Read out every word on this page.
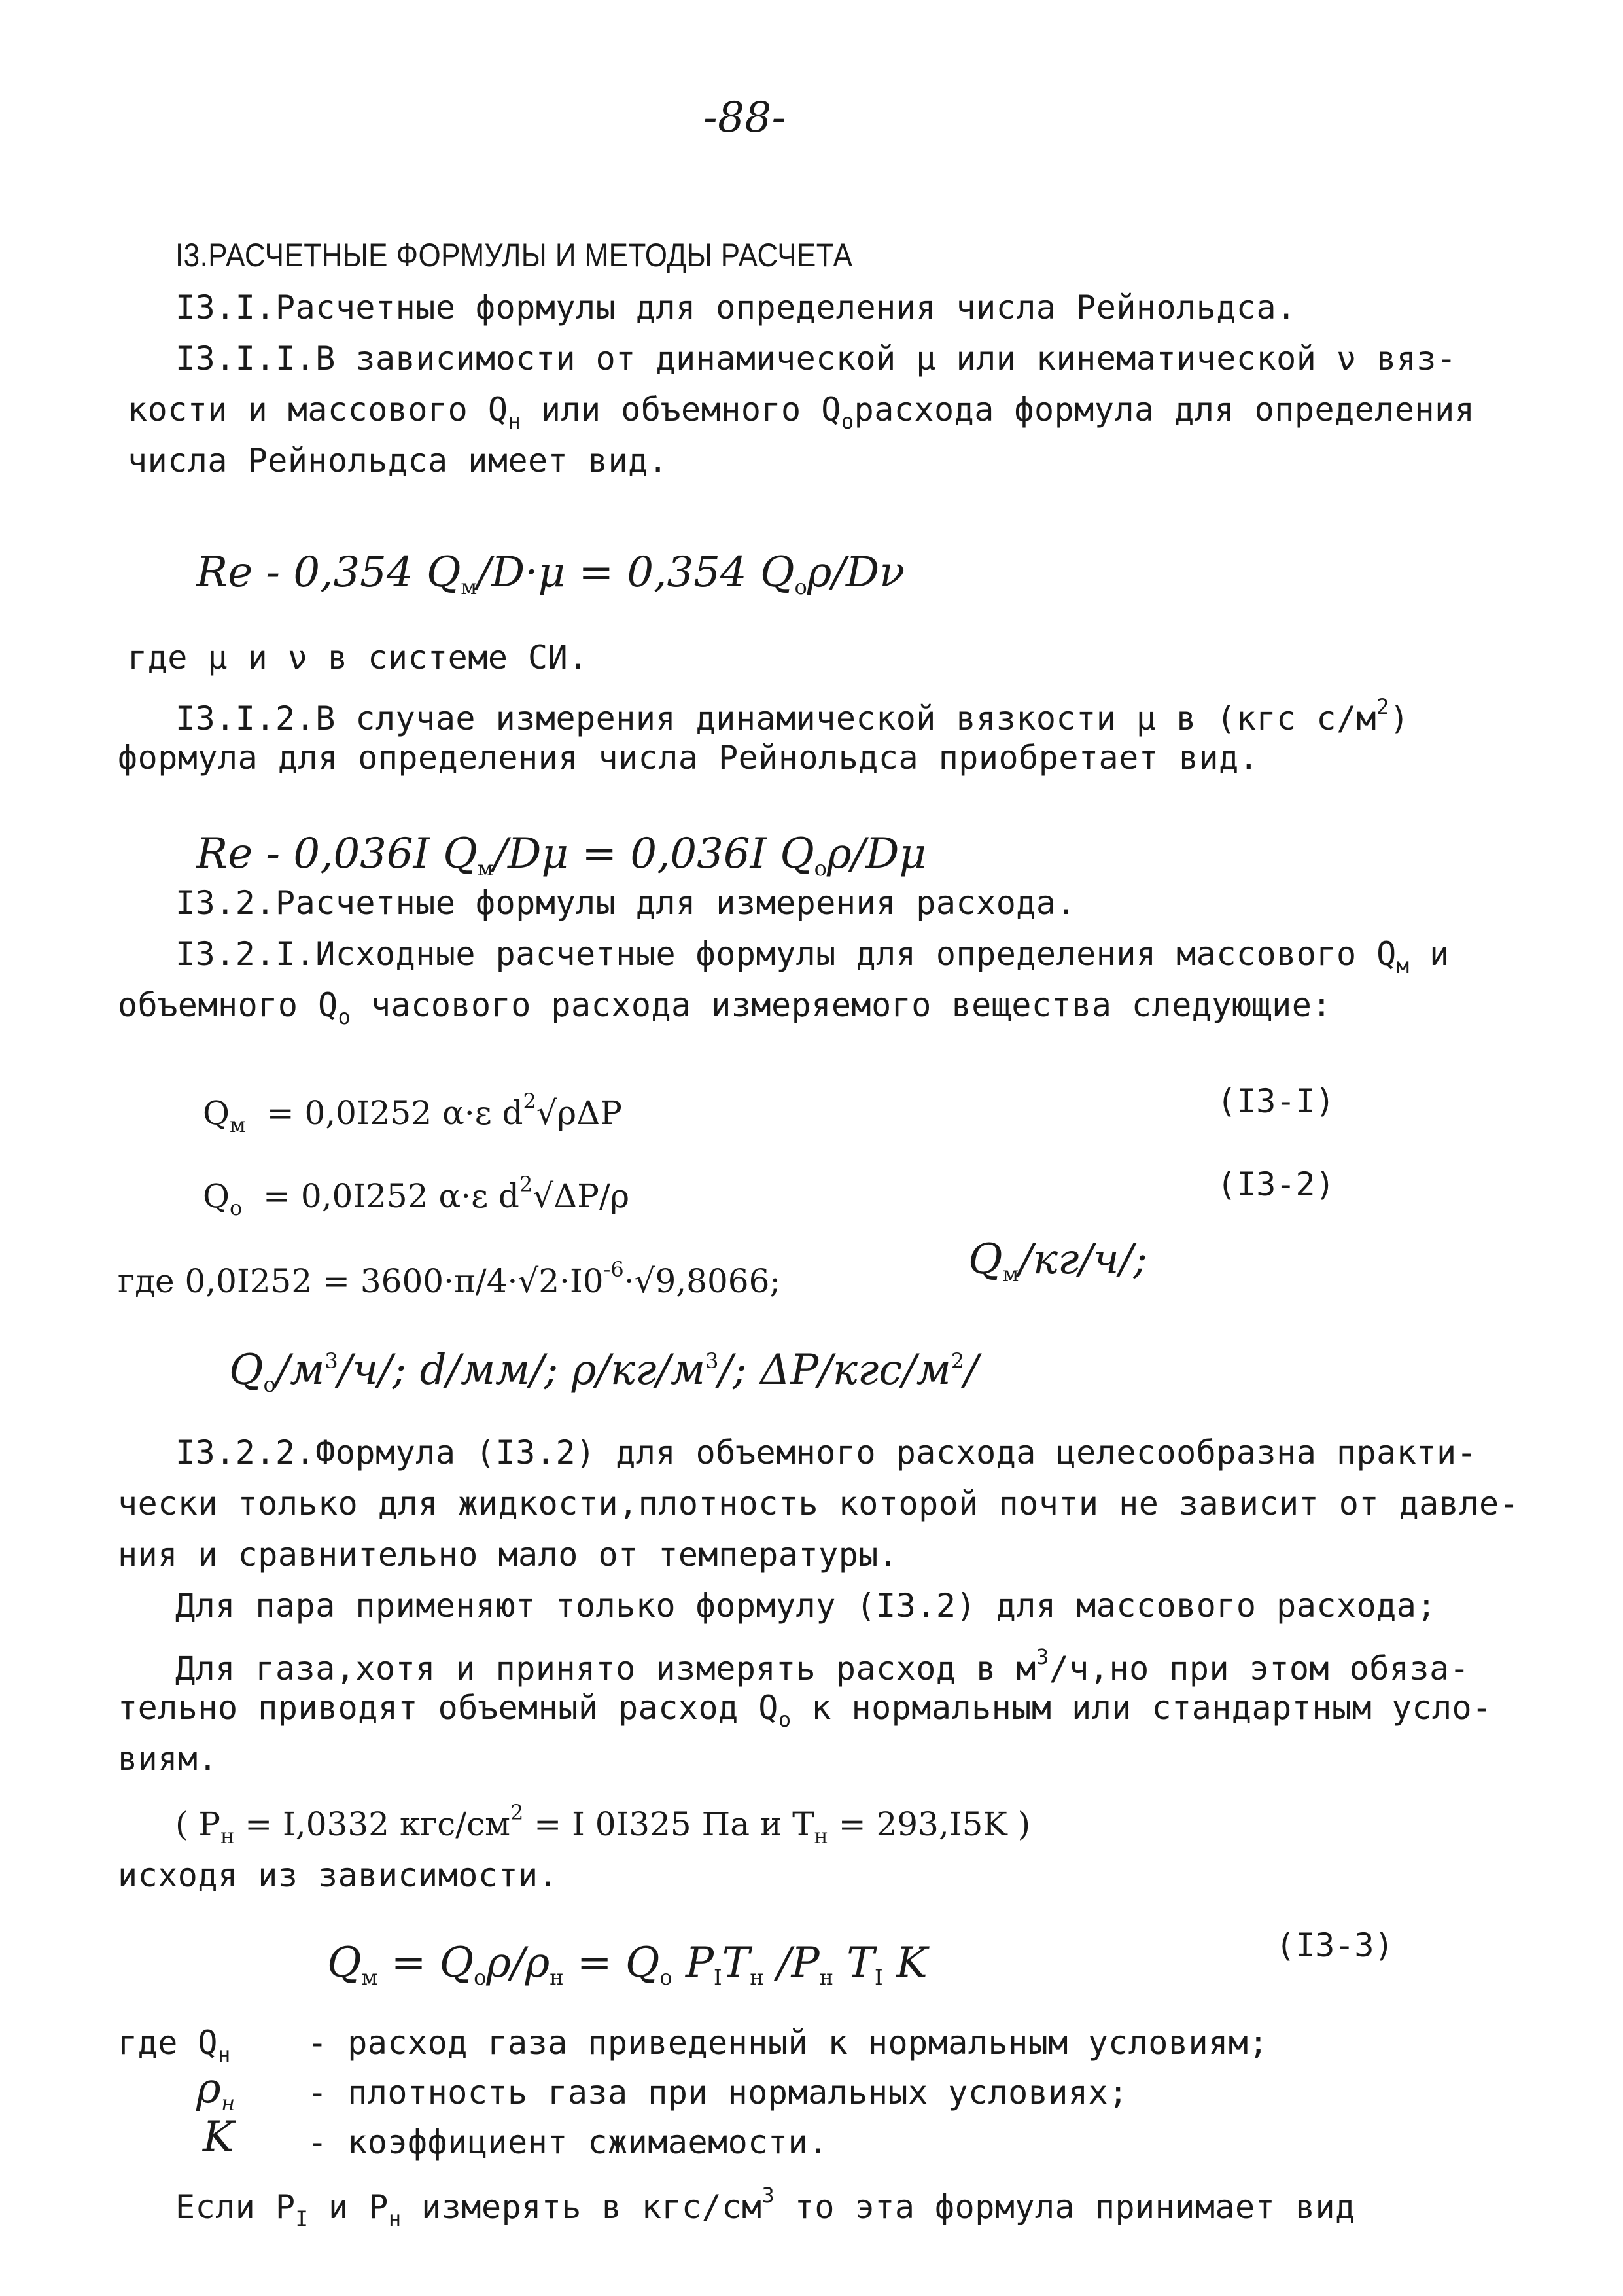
-88-
I3.РАСЧЕТНЫЕ ФОРМУЛЫ И МЕТОДЫ РАСЧЕТА
I3.I.Расчетные формулы для определения числа Рейнольдса.
I3.I.I.В зависимости от динамической μ или кинематической ν вяз-
кости и массового $Q_н$ или объемного $Q_oрасхода$ формула для определения
числа Рейнольдса имеет вид.
Re - 0,354 $Q_м/D\cdot\mu = 0,354$ $Q_o\rho/D\nu$
где μ и ν в системе СИ.
I3.I.2.В случае измерения динамической вязкости μ в (кгс $с/м^2$)
формула для определения числа Рейнольдса приобретает вид.
Re - 0,036I $Q_м/D\mu = 0,036I$ $Q_o\rho/D\mu$
I3.2.Расчетные формулы для измерения расхода.
I3.2.I.Исходные расчетные формулы для определения массового $Q_м$ и
объемного $Q_o$ часового расхода измеряемого вещества следующие:
$Q_м = 0,0I252$ α·ε $d^2√\rho\Delta P$	(I3-I)
$Q_o = 0,0I252$ α·ε $d^2√\Delta P/\rho$	(I3-2)
где $0,0I252 = 3600\cdot\pi/4\cdot√2\cdot I0^{-6}\cdot√9,8066$;	$Q_м/кг/ч/$;
$Q_o/м^3/ч/$; d/мм/; $\rho/кг/м^3/$; $\Delta P/кгс/м^2/$
I3.2.2.Формула (I3.2) для объемного расхода целесообразна практи-
чески только для жидкости,плотность которой почти не зависит от давле-
ния и сравнительно мало от температуры.
Для пара применяют только формулу (I3.2) для массового расхода;
Для газа,хотя и принято измерять расход в $м^3/ч,но$ при этом обяза-
тельно приводят объемный расход $Q_o$ к нормальным или стандартным усло-
виям.
( $P_н = I,0332$ кгс/$см^2 = I$ 0I325 Па и $T_н = 293,I5K$ )
исходя из зависимости.
$Q_м = Q_o\rho/\rho_н = Q_o$ $P_IT_н$ $/P_н$ $T_I$ K	(I3-3)
где $Q_н$ - расход газа приведенный к нормальным условиям;
$\rho_н$ - плотность газа при нормальных условиях;
K - коэффициент сжимаемости.
Если $P_I$ и $P_н$ измерять в кгс/$см^3$ то эта формула принимает вид
